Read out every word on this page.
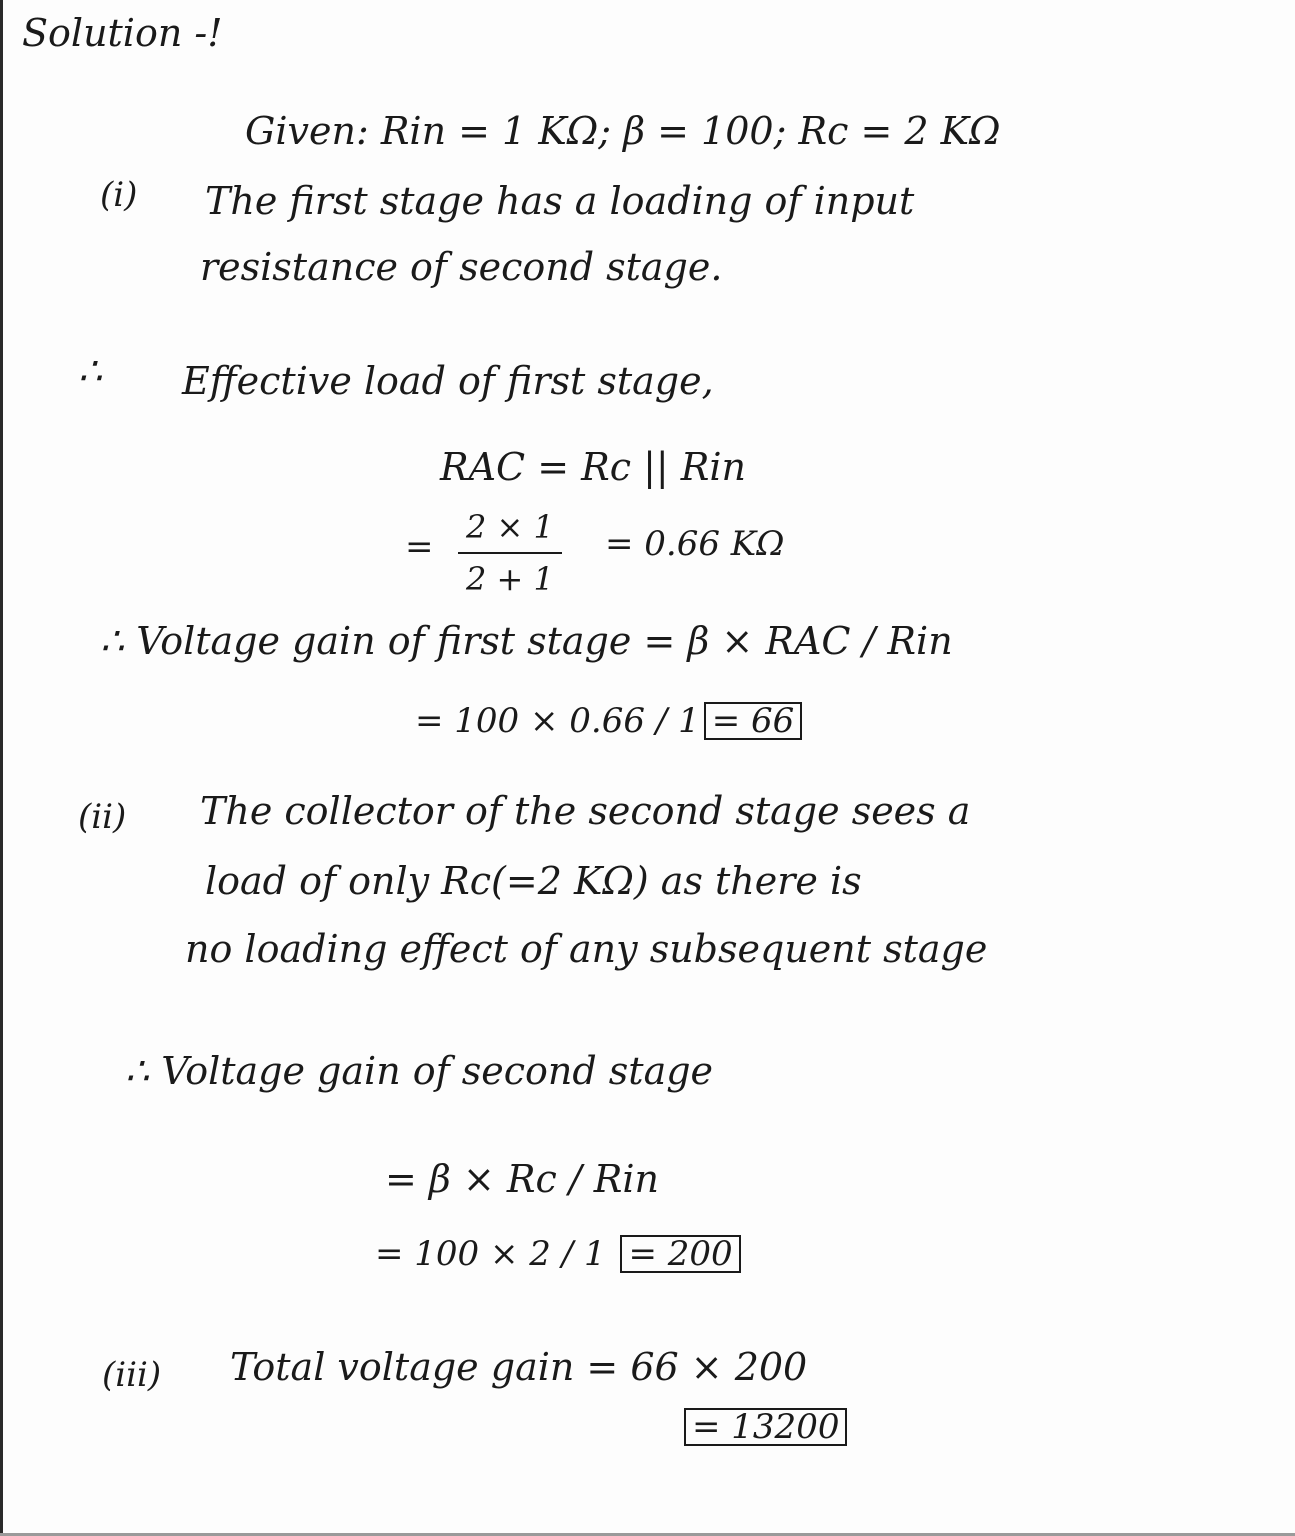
Solution -!
Given: Rin = 1 KΩ; β = 100; Rc = 2 KΩ
(i) The first stage has a loading of input
resistance of second stage.
∴ Effective load of first stage,
RAC = Rc || Rin
= 2 × 1
2 + 1
= 0.66 KΩ
∴ Voltage gain of first stage = β × RAC / Rin
= 100 × 0.66 / 1 = 66
(ii) The collector of the second stage sees a
load of only Rc(=2 KΩ) as there is
no loading effect of any subsequent stage
∴ Voltage gain of second stage
= β × Rc / Rin
= 100 × 2 / 1 = 200
(iii) Total voltage gain = 66 × 200
= 13200
